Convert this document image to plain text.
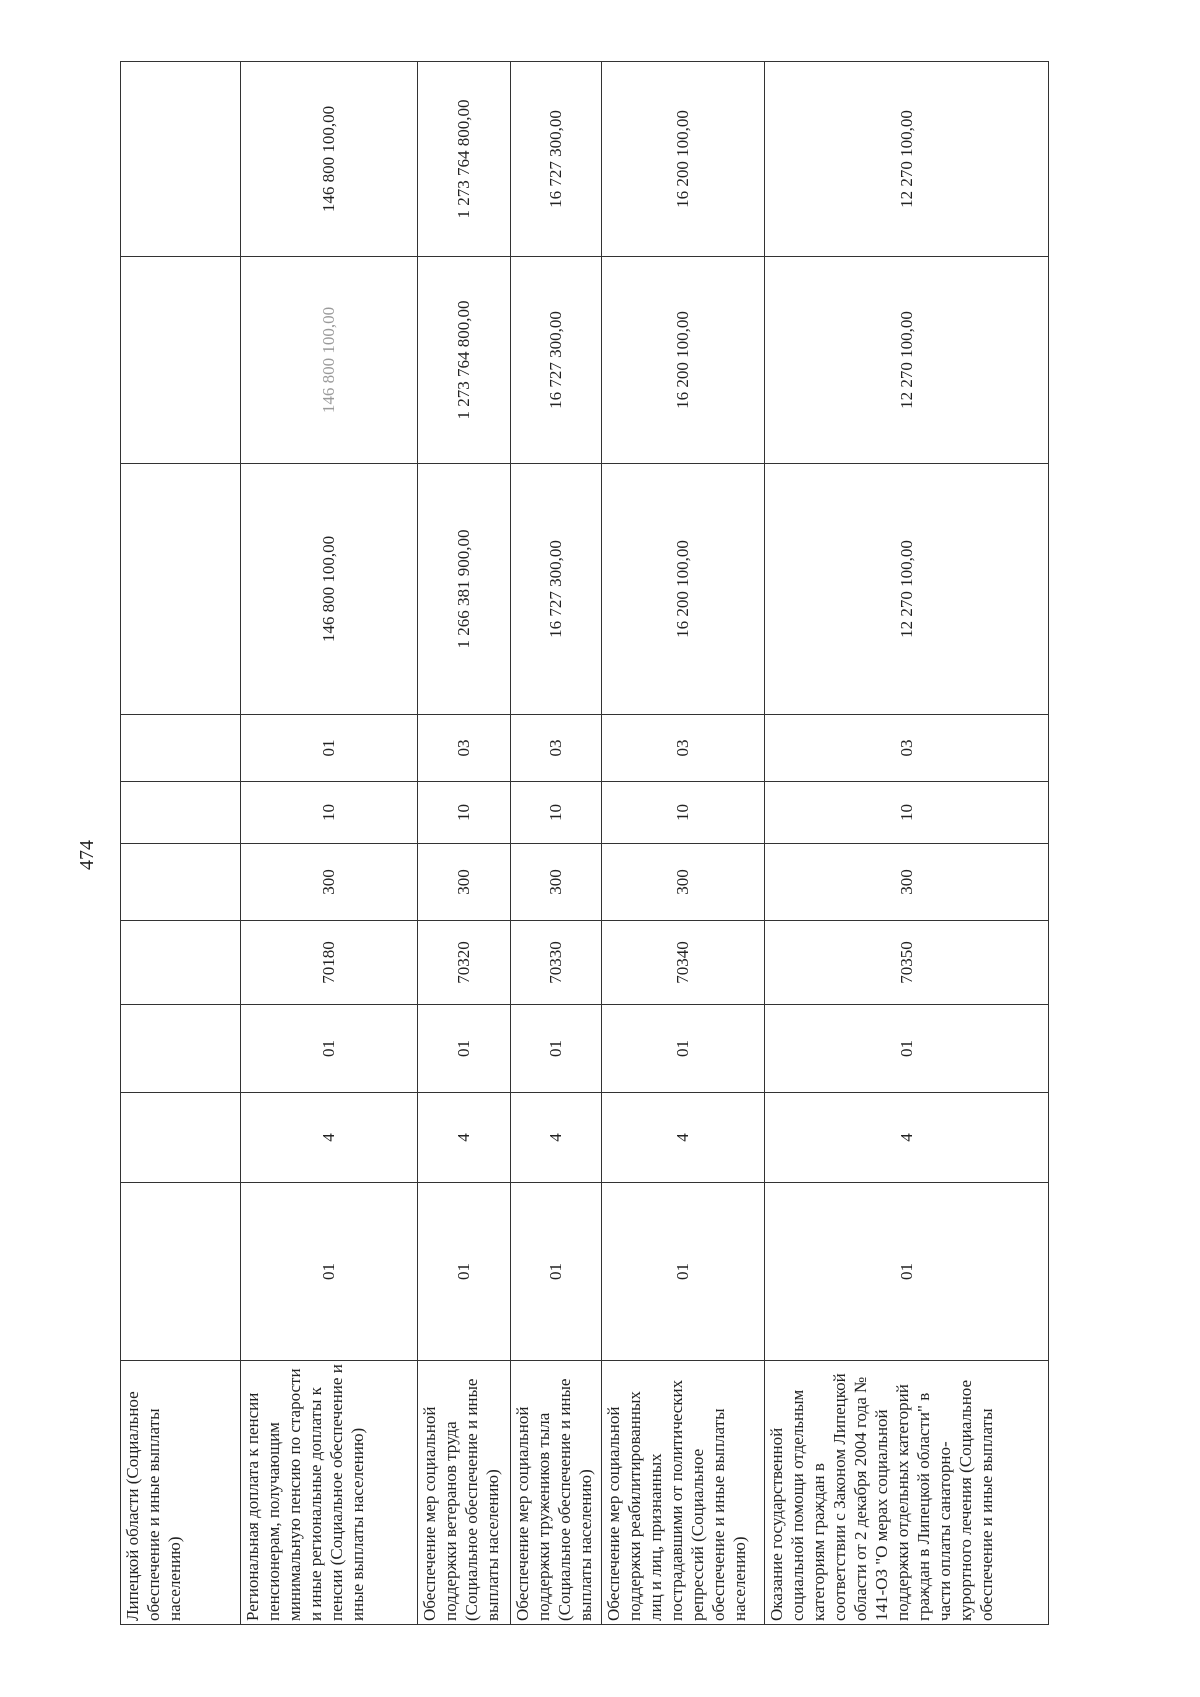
474
Липецкой области (Социальное обеспечение и иные выплаты населению)										
Региональная доплата к пенсии пенсионерам, получающим минимальную пенсию по старости и иные региональные доплаты к пенсии (Социальное обеспечение и иные выплаты населению)	01	4	01	70180	300	10	01	146 800 100,00	146 800 100,00	146 800 100,00
Обеспечение мер социальной поддержки ветеранов труда (Социальное обеспечение и иные выплаты населению)	01	4	01	70320	300	10	03	1 266 381 900,00	1 273 764 800,00	1 273 764 800,00
Обеспечение мер социальной поддержки тружеников тыла (Социальное обеспечение и иные выплаты населению)	01	4	01	70330	300	10	03	16 727 300,00	16 727 300,00	16 727 300,00
Обеспечение мер социальной поддержки реабилитированных лиц и лиц, признанных пострадавшими от политических репрессий (Социальное обеспечение и иные выплаты населению)	01	4	01	70340	300	10	03	16 200 100,00	16 200 100,00	16 200 100,00
Оказание государственной социальной помощи отдельным категориям граждан в соответствии с Законом Липецкой области от 2 декабря 2004 года № 141-ОЗ "О мерах социальной поддержки отдельных категорий граждан в Липецкой области" в части оплаты санаторно-курортного лечения (Социальное обеспечение и иные выплаты	01	4	01	70350	300	10	03	12 270 100,00	12 270 100,00	12 270 100,00
